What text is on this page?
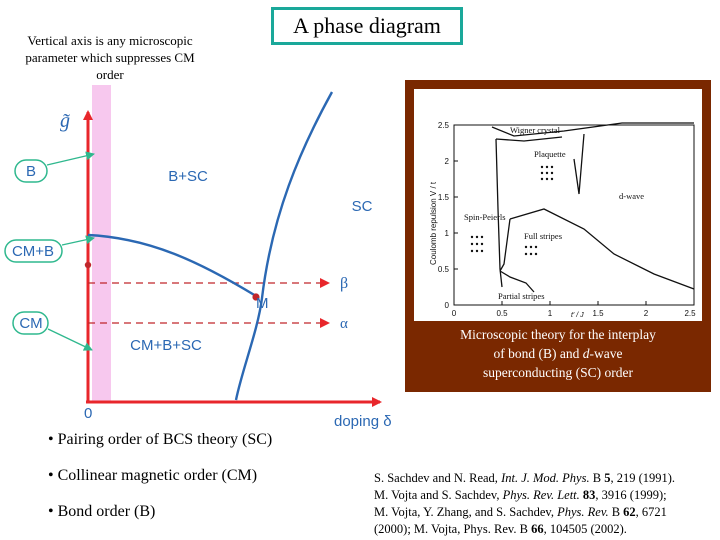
Vertical axis is any microscopic
parameter which suppresses CM
order
A phase diagram
B
CM+B
CM
B+SC
SC
CM+B+SC
M
β
α
g̃
0	doping δ
0
0.5
1
1.5
2
2.5
0	0.5	1	1.5	2	2.5
t′ / J
Coulomb repulsion V / t
Wigner crystal
Plaquette
d-wave
Spin-Peierls
Full stripes
Partial stripes
Microscopic theory for the interplay
of bond (B) and d-wave
superconducting (SC) order
• Pairing order of BCS theory (SC)
• Collinear magnetic order (CM)
• Bond order (B)
S. Sachdev and N. Read, Int. J. Mod. Phys. B 5, 219 (1991).
M. Vojta and S. Sachdev, Phys. Rev. Lett. 83, 3916 (1999);
M. Vojta, Y. Zhang, and S. Sachdev, Phys. Rev. B 62, 6721
(2000); M. Vojta, Phys. Rev. B 66, 104505 (2002).
